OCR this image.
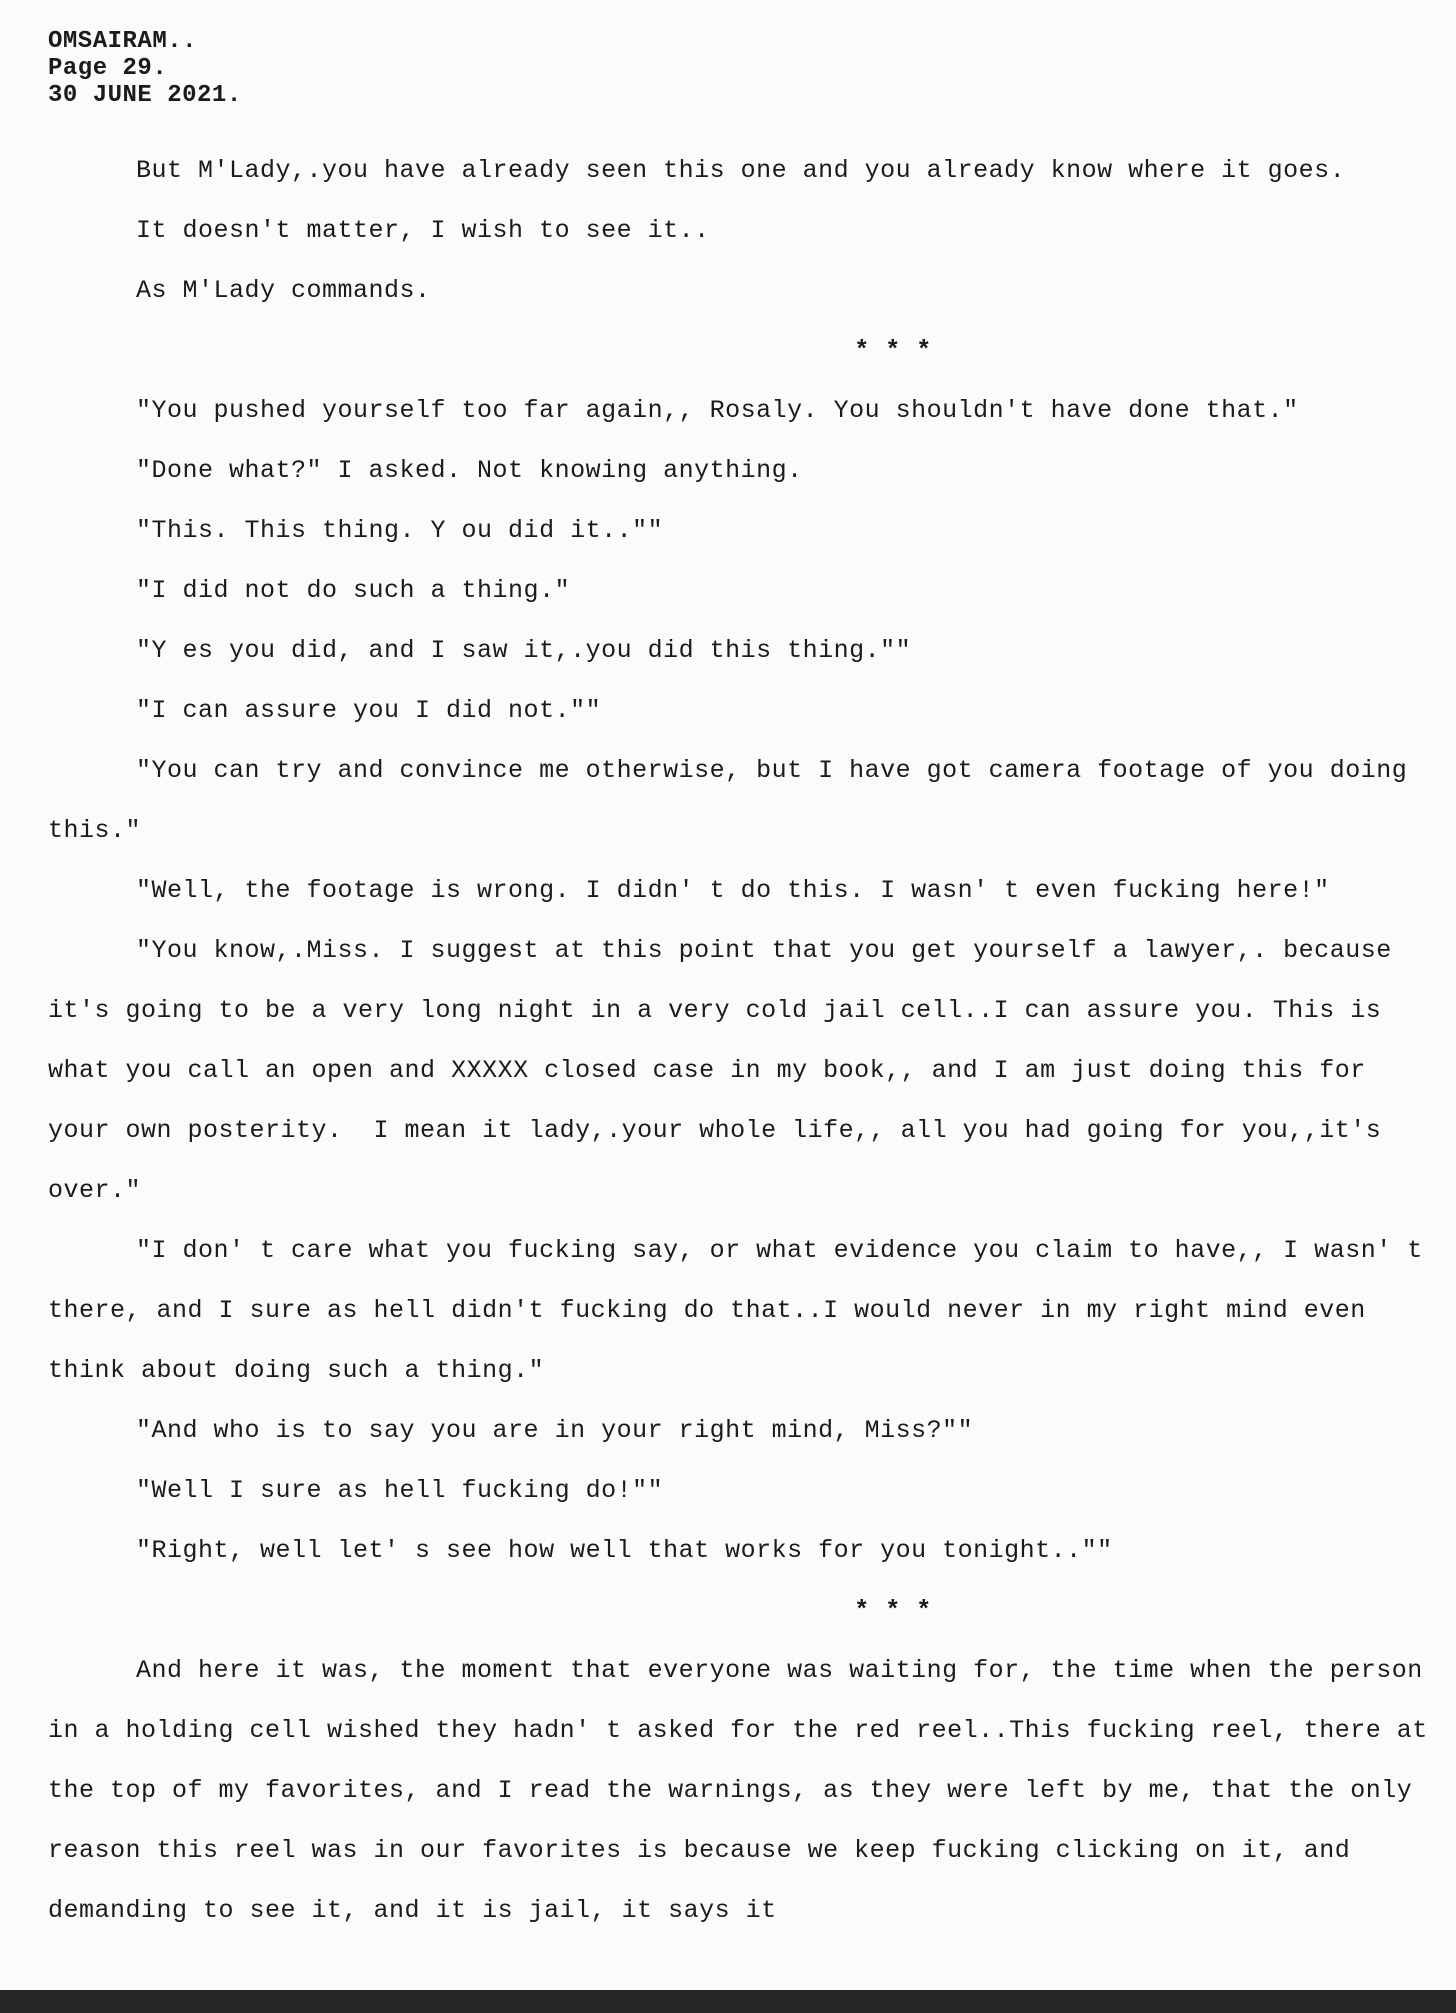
OMSAIRAM..
Page 29.
30 JUNE 2021.

But M'Lady,.you have already seen this one and you already know where it goes.

It doesn't matter, I wish to see it..

As M'Lady commands.

* * *

"You pushed yourself too far again,, Rosaly. You shouldn't have done that."

"Done what?" I asked. Not knowing anything.

"This. This thing. Y ou did it..""

"I did not do such a thing."

"Y es you did, and I saw it,.you did this thing.""

"I can assure you I did not.""

"You can try and convince me otherwise, but I have got camera footage of you doing this."

"Well, the footage is wrong. I didn' t do this. I wasn' t even fucking here!"

"You know,.Miss. I suggest at this point that you get yourself a lawyer,. because it's going to be a very long night in a very cold jail cell..I can assure you. This is what you call an open and XXXXX closed case in my book,, and I am just doing this for your own posterity.  I mean it lady,.your whole life,, all you had going for you,,it's over."

"I don' t care what you fucking say, or what evidence you claim to have,, I wasn' t there, and I sure as hell didn't fucking do that..I would never in my right mind even think about doing such a thing."

"And who is to say you are in your right mind, Miss?""

"Well I sure as hell fucking do!""

"Right, well let' s see how well that works for you tonight..""

* * *

And here it was, the moment that everyone was waiting for, the time when the person in a holding cell wished they hadn' t asked for the red reel..This fucking reel, there at the top of my favorites, and I read the warnings, as they were left by me, that the only reason this reel was in our favorites is because we keep fucking clicking on it, and demanding to see it, and it is jail, it says it
